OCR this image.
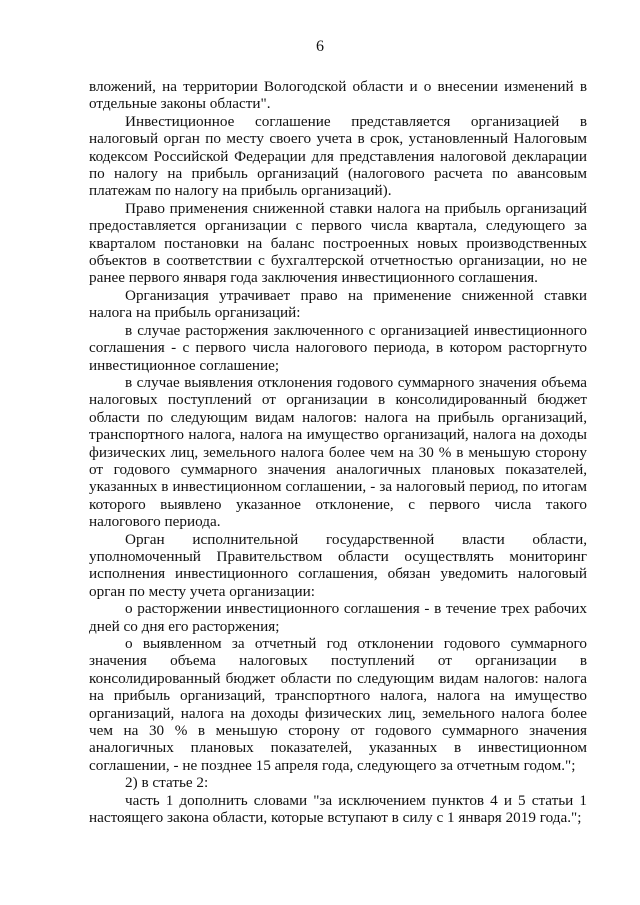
6

вложений, на территории Вологодской области и о внесении изменений в отдельные законы области".

Инвестиционное соглашение представляется организацией в налоговый орган по месту своего учета в срок, установленный Налоговым кодексом Российской Федерации для представления налоговой декларации по налогу на прибыль организаций (налогового расчета по авансовым платежам по налогу на прибыль организаций).

Право применения сниженной ставки налога на прибыль организаций предоставляется организации с первого числа квартала, следующего за кварталом постановки на баланс построенных новых производственных объектов в соответствии с бухгалтерской отчетностью организации, но не ранее первого января года заключения инвестиционного соглашения.

Организация утрачивает право на применение сниженной ставки налога на прибыль организаций:

в случае расторжения заключенного с организацией инвестиционного соглашения - с первого числа налогового периода, в котором расторгнуто инвестиционное соглашение;

в случае выявления отклонения годового суммарного значения объема налоговых поступлений от организации в консолидированный бюджет области по следующим видам налогов: налога на прибыль организаций, транспортного налога, налога на имущество организаций, налога на доходы физических лиц, земельного налога более чем на 30 % в меньшую сторону от годового суммарного значения аналогичных плановых показателей, указанных в инвестиционном соглашении, - за налоговый период, по итогам которого выявлено указанное отклонение, с первого числа такого налогового периода.

Орган исполнительной государственной власти области, уполномоченный Правительством области осуществлять мониторинг исполнения инвестиционного соглашения, обязан уведомить налоговый орган по месту учета организации:

о расторжении инвестиционного соглашения - в течение трех рабочих дней со дня его расторжения;

о выявленном за отчетный год отклонении годового суммарного значения объема налоговых поступлений от организации в консолидированный бюджет области по следующим видам налогов: налога на прибыль организаций, транспортного налога, налога на имущество организаций, налога на доходы физических лиц, земельного налога более чем на 30 % в меньшую сторону от годового суммарного значения аналогичных плановых показателей, указанных в инвестиционном соглашении, - не позднее 15 апреля года, следующего за отчетным годом.";

2) в статье 2:

часть 1 дополнить словами "за исключением пунктов 4 и 5 статьи 1 настоящего закона области, которые вступают в силу с 1 января 2019 года.";
